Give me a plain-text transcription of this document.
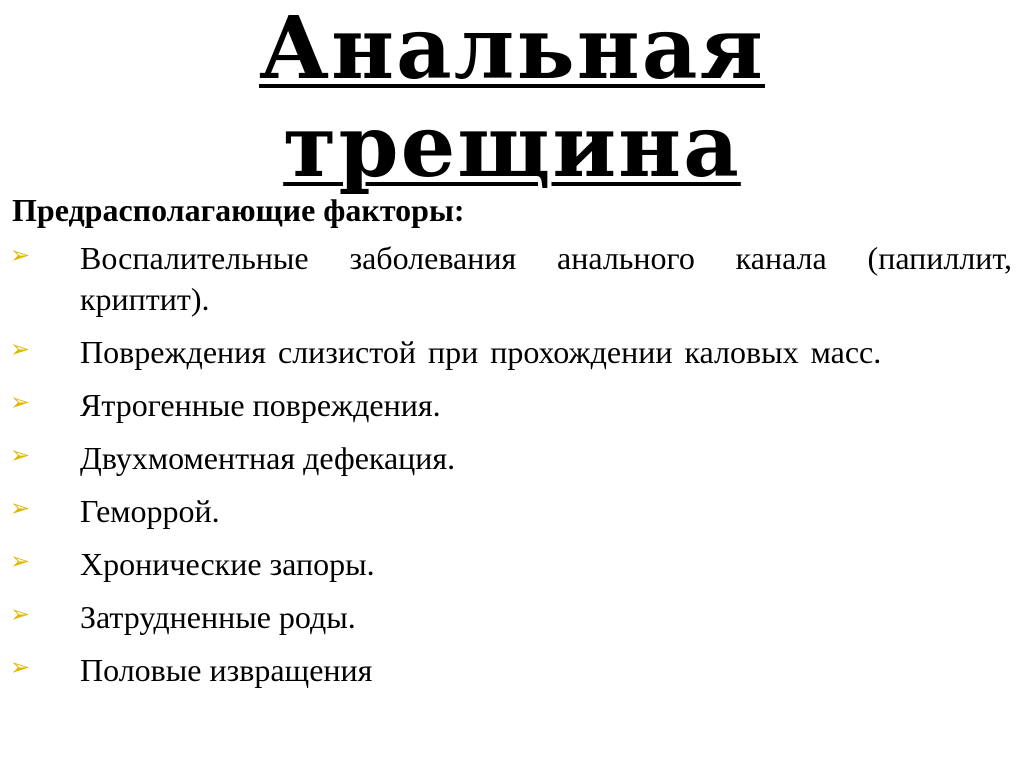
Анальная
трещина

Предрасполагающие факторы:

➢ Воспалительные заболевания анального канала (папиллит, криптит).
➢ Повреждения слизистой при прохождении каловых масс.
➢ Ятрогенные повреждения.
➢ Двухмоментная дефекация.
➢ Геморрой.
➢ Хронические запоры.
➢ Затрудненные роды.
➢ Половые извращения
